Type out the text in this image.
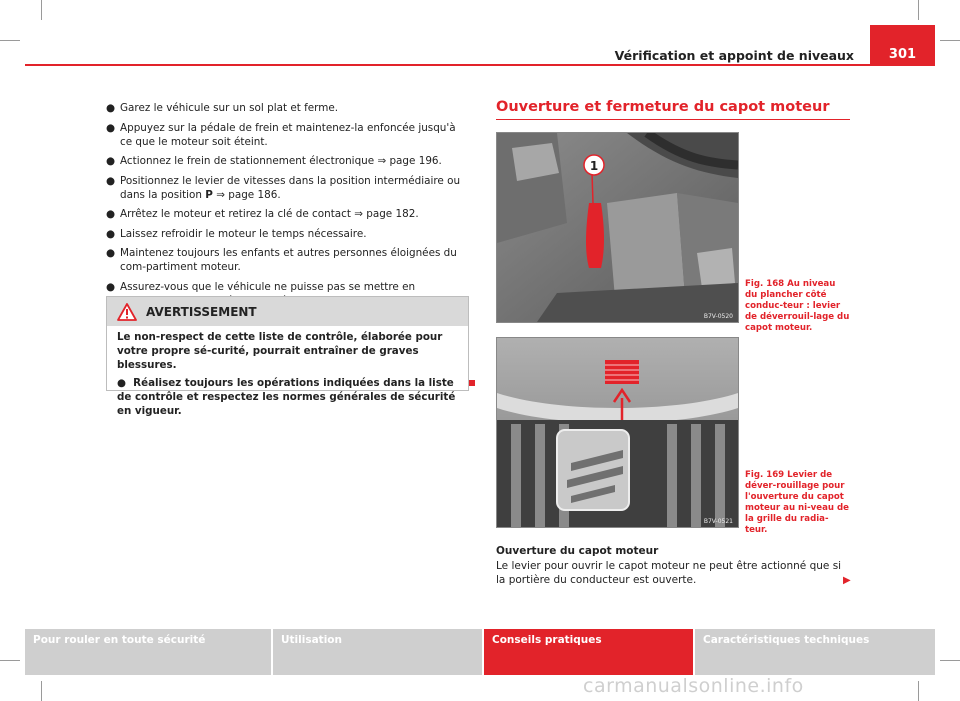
Vérification et appoint de niveaux	301

● Garez le véhicule sur un sol plat et ferme.

● Appuyez sur la pédale de frein et maintenez-la enfoncée jusqu'à ce que le moteur soit éteint.

● Actionnez le frein de stationnement électronique ⇒ page 196.

● Positionnez le levier de vitesses dans la position intermédiaire ou dans la position P ⇒ page 186.

● Arrêtez le moteur et retirez la clé de contact ⇒ page 182.

● Laissez refroidir le moteur le temps nécessaire.

● Maintenez toujours les enfants et autres personnes éloignées du com-partiment moteur.

● Assurez-vous que le véhicule ne puisse pas se mettre en

AVERTISSEMENT

Le non-respect de cette liste de contrôle, élaborée pour votre propre sé-curité, pourrait entraîner de graves blessures.

● Réalisez toujours les opérations indiquées dans la liste de contrôle et respectez les normes générales de sécurité en vigueur.

Ouverture et fermeture du capot moteur
1
B7V-0520
Fig. 168 Au niveau du plancher côté conduc-teur : levier de déverrouil-lage du capot moteur.
B7V-0521
Fig. 169 Levier de déver-rouillage pour l'ouverture du capot moteur au ni-veau de la grille du radia-teur.
Ouverture du capot moteur
Le levier pour ouvrir le capot moteur ne peut être actionné que si la portière du conducteur est ouverte.	▶
Pour rouler en toute sécurité	Utilisation	Conseils pratiques	Caractéristiques techniques
carmanualsonline.info
